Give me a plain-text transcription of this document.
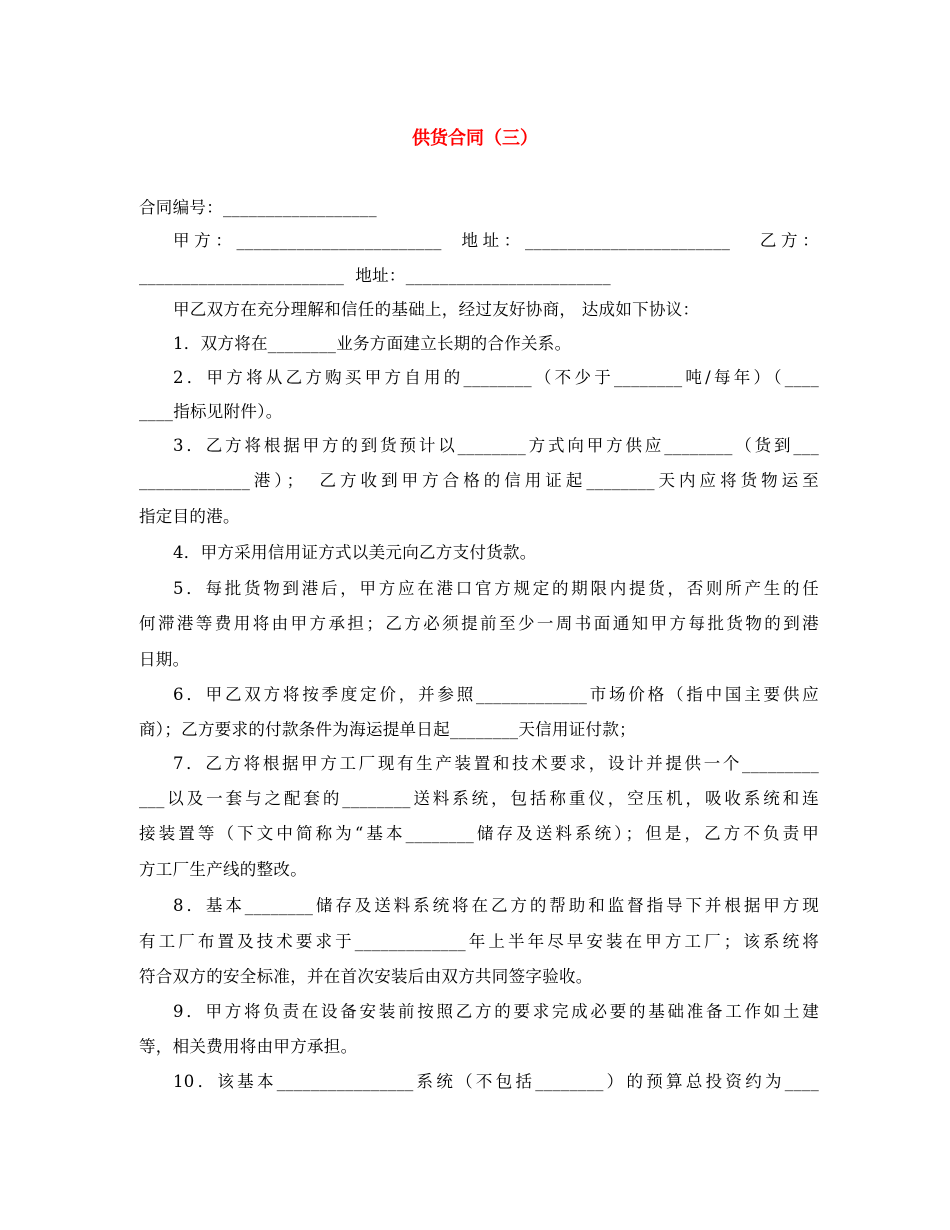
供货合同（三）

合同编号：__________________

甲方：________________________  地址：________________________   乙方：

________________________  地址：________________________

甲乙双方在充分理解和信任的基础上，经过友好协商， 达成如下协议：

1．双方将在________业务方面建立长期的合作关系。

2．甲方将从乙方购买甲方自用的________（不少于________吨/每年）（____

____指标见附件）。

3．乙方将根据甲方的到货预计以________方式向甲方供应________（货到___

_____________港）；　乙方收到甲方合格的信用证起________天内应将货物运至

指定目的港。

4．甲方采用信用证方式以美元向乙方支付货款。

5．每批货物到港后，甲方应在港口官方规定的期限内提货，否则所产生的任

何滞港等费用将由甲方承担；乙方必须提前至少一周书面通知甲方每批货物的到港

日期。

6．甲乙双方将按季度定价，并参照_____________市场价格（指中国主要供应

商）；乙方要求的付款条件为海运提单日起________天信用证付款；

7．乙方将根据甲方工厂现有生产装置和技术要求，设计并提供一个_________

___以及一套与之配套的________送料系统，包括称重仪，空压机，吸收系统和连

接装置等（下文中简称为“基本________储存及送料系统）；但是，乙方不负责甲

方工厂生产线的整改。

8．基本________储存及送料系统将在乙方的帮助和监督指导下并根据甲方现

有工厂布置及技术要求于_____________年上半年尽早安装在甲方工厂；该系统将

符合双方的安全标准，并在首次安装后由双方共同签字验收。

9．甲方将负责在设备安装前按照乙方的要求完成必要的基础准备工作如土建

等，相关费用将由甲方承担。

10．该基本________________系统（不包括________）的预算总投资约为____
